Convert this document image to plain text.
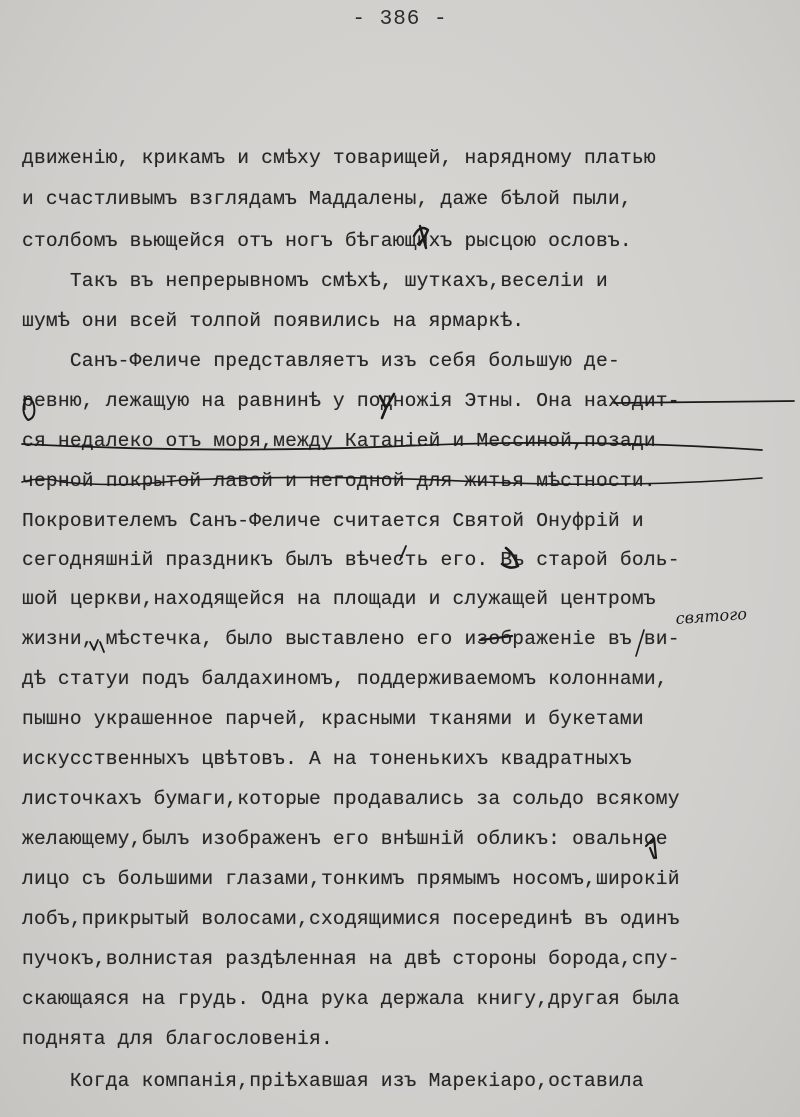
- 386 -
движенію, крикамъ и смѣху товарищей, нарядному платью
и счастливымъ взглядамъ Маддалены, даже бѣлой пыли,
столбомъ вьющейся отъ ногъ бѣгающихъ рысцою ословъ.
Такъ въ непрерывномъ смѣхѣ, шуткахъ,веселіи и
шумѣ они всей толпой появились на ярмаркѣ.
Санъ-Феличе представляетъ изъ себя большую де-
ревню, лежащую на равнинѣ у подножія Этны. Она находит-
ся недалеко отъ моря,между Катаніей и Мессиной,позади
черной покрытой лавой и негодной для житья мѣстности.
Покровителемъ Санъ-Феличе считается Святой Онуфрій и
сегодняшній праздникъ былъ вѣчесть его. Въ старой боль-
шой церкви,находящейся на площади и служащей центромъ
жизни, мѣстечка, было выставлено его изображеніе въ ви-
дѣ статуи подъ балдахиномъ, поддерживаемомъ колоннами,
пышно украшенное парчей, красными тканями и букетами
искусственныхъ цвѣтовъ. А на тоненькихъ квадратныхъ
листочкахъ бумаги,которые продавались за сольдо всякому
желающему,былъ изображенъ его внѣшній обликъ: овальное
лицо съ большими глазами,тонкимъ прямымъ носомъ,широкій
лобъ,прикрытый волосами,сходящимися посерединѣ въ одинъ
пучокъ,волнистая раздѣленная на двѣ стороны борода,спу-
скающаяся на грудь. Одна рука держала книгу,другая была
поднята для благословенія.
Когда компанія,пріѣхавшая изъ Марекіаро,оставила
святого
